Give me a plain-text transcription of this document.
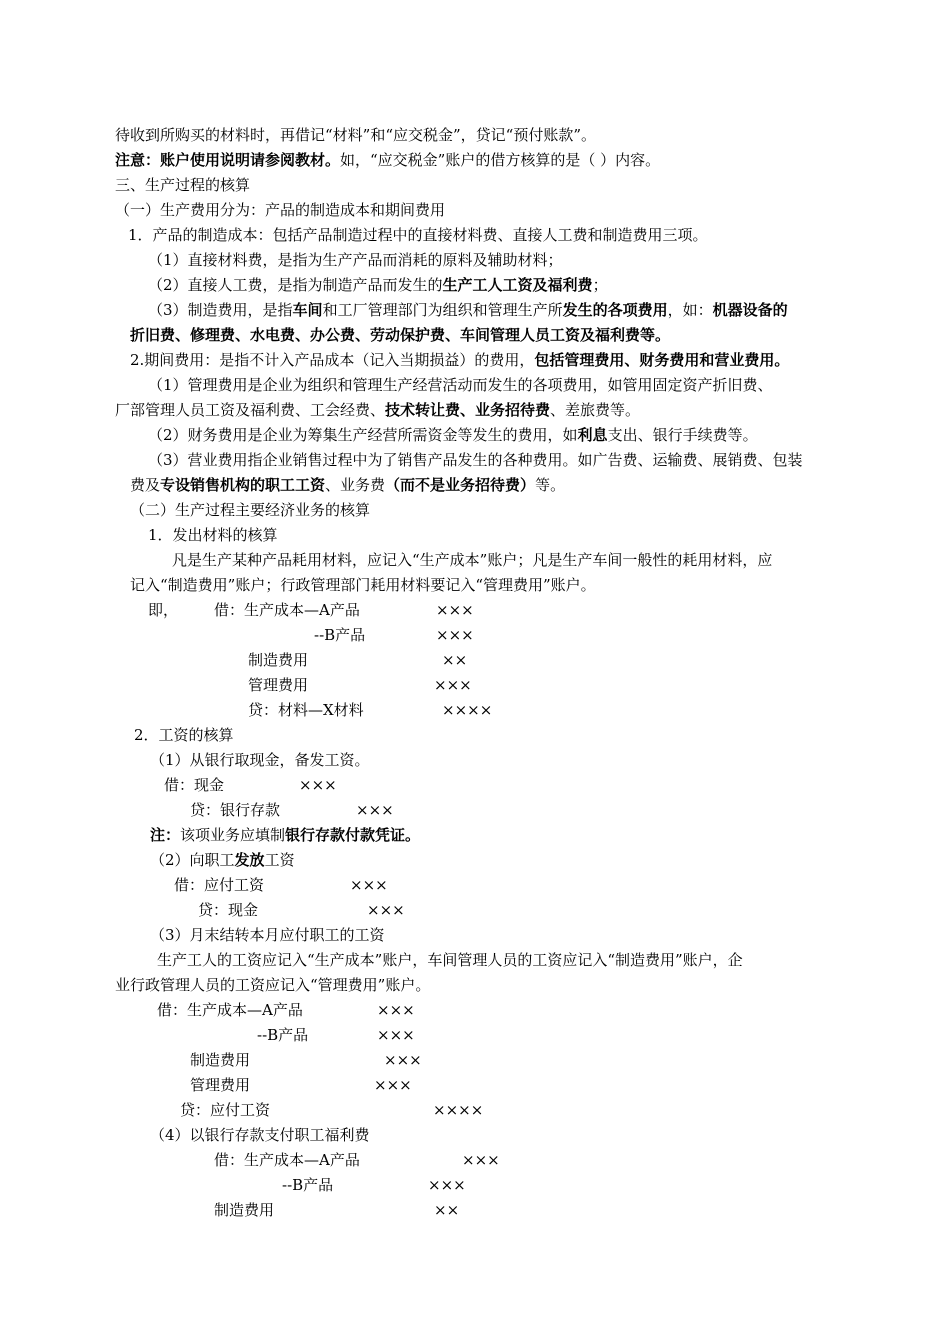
待收到所购买的材料时，再借记“材料”和“应交税金”，贷记“预付账款”。
注意：账户使用说明请参阅教材。如，“应交税金”账户的借方核算的是（ ）内容。
三、生产过程的核算
（一）生产费用分为：产品的制造成本和期间费用
1．产品的制造成本：包括产品制造过程中的直接材料费、直接人工费和制造费用三项。
（1）直接材料费，是指为生产产品而消耗的原料及辅助材料；
（2）直接人工费，是指为制造产品而发生的生产工人工资及福利费；
（3）制造费用，是指车间和工厂管理部门为组织和管理生产所发生的各项费用，如：机器设备的
折旧费、修理费、水电费、办公费、劳动保护费、车间管理人员工资及福利费等。
2.期间费用：是指不计入产品成本（记入当期损益）的费用，包括管理费用、财务费用和营业费用。
（1）管理费用是企业为组织和管理生产经营活动而发生的各项费用，如管用固定资产折旧费、
厂部管理人员工资及福利费、工会经费、技术转让费、业务招待费、差旅费等。
（2）财务费用是企业为筹集生产经营所需资金等发生的费用，如利息支出、银行手续费等。
（3）营业费用指企业销售过程中为了销售产品发生的各种费用。如广告费、运输费、展销费、包装
费及专设销售机构的职工工资、业务费（而不是业务招待费）等。
（二）生产过程主要经济业务的核算
1．发出材料的核算
凡是生产某种产品耗用材料，应记入“生产成本”账户；凡是生产车间一般性的耗用材料，应
记入“制造费用”账户；行政管理部门耗用材料要记入“管理费用”账户。
即， 借：生产成本—A产品	×××
--B产品	×××
制造费用	××
管理费用	×××
贷：材料—X材料	××××
2．工资的核算
（1）从银行取现金，备发工资。
借：现金	×××
贷：银行存款	×××
注：该项业务应填制银行存款付款凭证。
（2）向职工发放工资
借：应付工资	×××
贷：现金	×××
（3）月末结转本月应付职工的工资
生产工人的工资应记入“生产成本”账户，车间管理人员的工资应记入“制造费用”账户，企
业行政管理人员的工资应记入“管理费用”账户。
借：生产成本—A产品	×××
--B产品	×××
制造费用	×××
管理费用	×××
贷：应付工资	××××
（4）以银行存款支付职工福利费
借：生产成本—A产品	×××
--B产品	×××
制造费用	××
